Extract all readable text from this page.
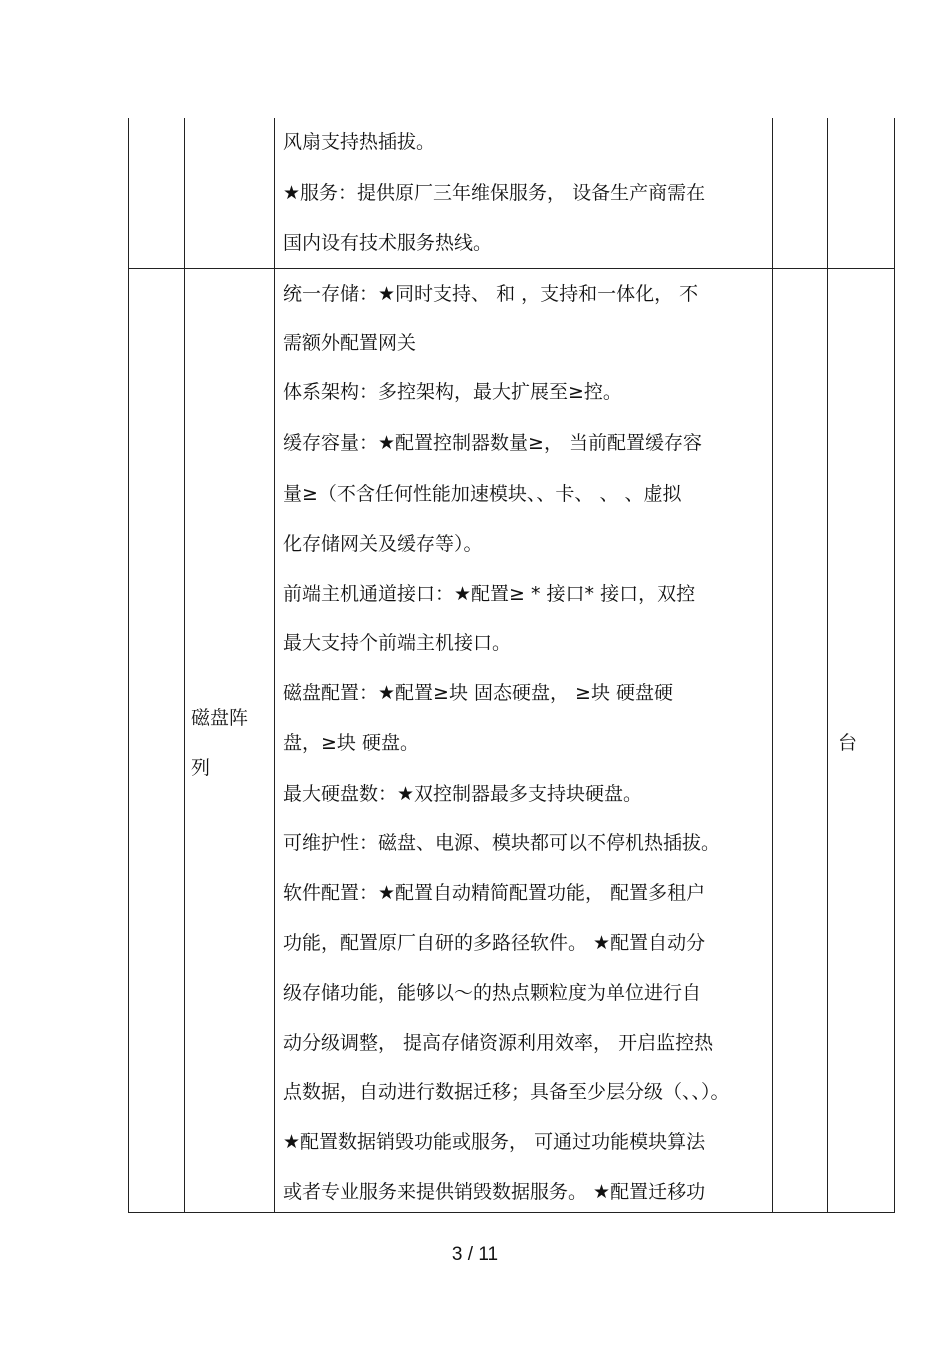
风扇支持热插拔。
★服务：提供原厂三年维保服务， 设备生产商需在
国内设有技术服务热线。
磁盘阵
列
统一存储：★同时支持、 和 ，支持和一体化， 不
需额外配置网关
体系架构：多控架构，最大扩展至≥控。
缓存容量：★配置控制器数量≥， 当前配置缓存容
量≥（不含任何性能加速模块、、卡、 、 、虚拟
化存储网关及缓存等）。
前端主机通道接口：★配置≥ * 接口* 接口，双控
最大支持个前端主机接口。
磁盘配置：★配置≥块 固态硬盘， ≥块 硬盘硬
盘，≥块 硬盘。
最大硬盘数：★双控制器最多支持块硬盘。
可维护性：磁盘、电源、模块都可以不停机热插拔。
软件配置：★配置自动精简配置功能， 配置多租户
功能，配置原厂自研的多路径软件。 ★配置自动分
级存储功能，能够以～的热点颗粒度为单位进行自
动分级调整， 提高存储资源利用效率， 开启监控热
点数据，自动进行数据迁移；具备至少层分级（、、）。
★配置数据销毁功能或服务， 可通过功能模块算法
或者专业服务来提供销毁数据服务。 ★配置迁移功
台
3 / 11
